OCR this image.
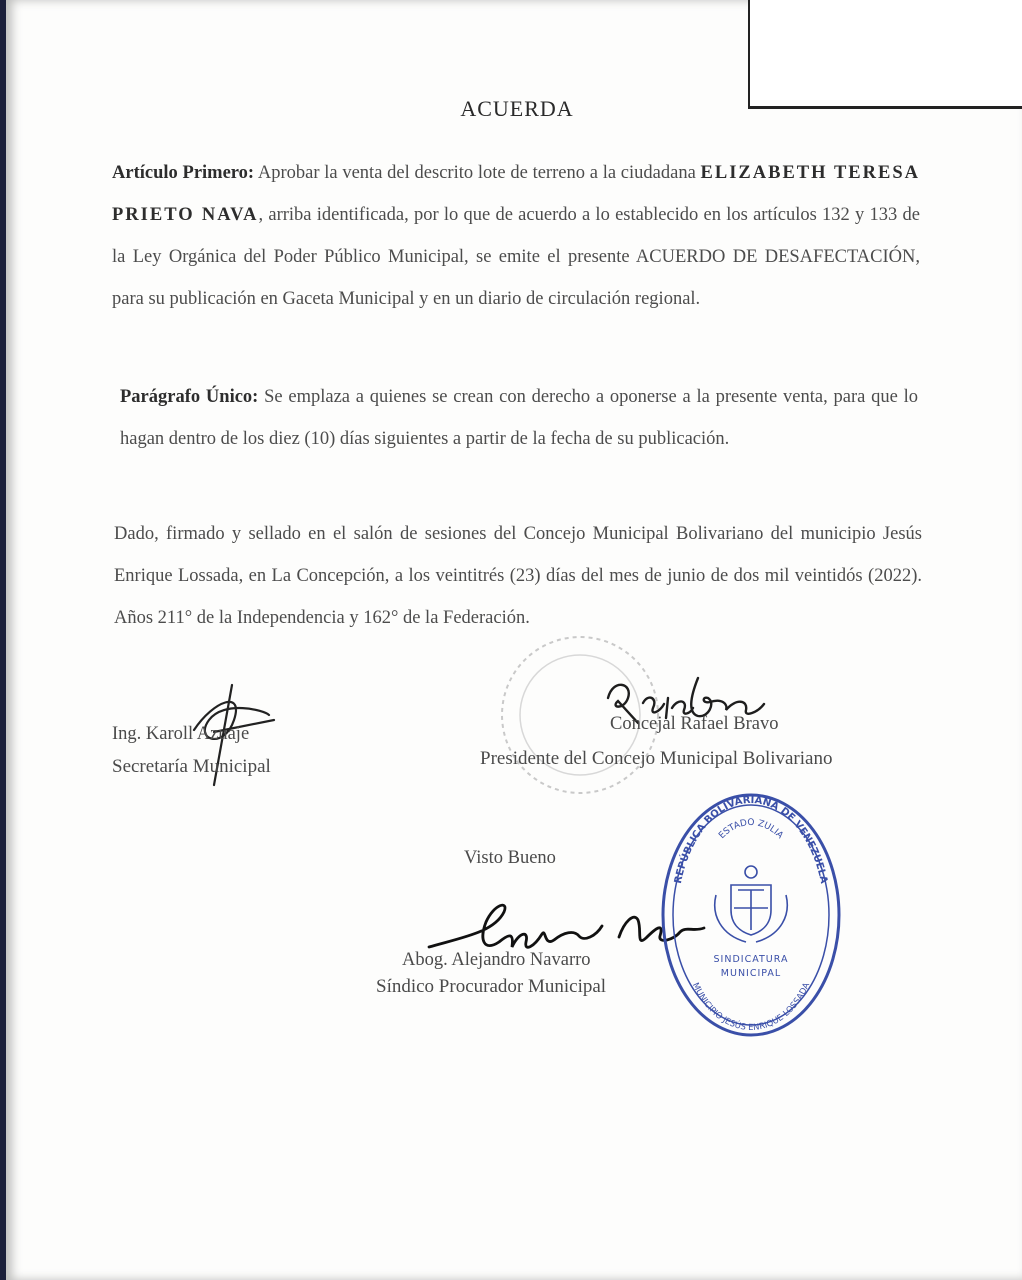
ACUERDA
Artículo Primero: Aprobar la venta del descrito lote de terreno a la ciudadana ELIZABETH TERESA PRIETO NAVA, arriba identificada, por lo que de acuerdo a lo establecido en los artículos 132 y 133 de la Ley Orgánica del Poder Público Municipal, se emite el presente ACUERDO DE DESAFECTACIÓN, para su publicación en Gaceta Municipal y en un diario de circulación regional.
Parágrafo Único: Se emplaza a quienes se crean con derecho a oponerse a la presente venta, para que lo hagan dentro de los diez (10) días siguientes a partir de la fecha de su publicación.
Dado, firmado y sellado en el salón de sesiones del Concejo Municipal Bolivariano del municipio Jesús Enrique Lossada, en La Concepción, a los veintitrés (23) días del mes de junio de dos mil veintidós (2022). Años 211° de la Independencia y 162° de la Federación.
Ing. Karoll Azuaje
Secretaría Municipal
Concejal Rafael Bravo
Presidente del Concejo Municipal Bolivariano
Visto Bueno
Abog. Alejandro Navarro
Síndico Procurador Municipal
REPÚBLICA BOLIVARIANA DE VENEZUELA
ESTADO ZULIA
MUNICIPIO JESÚS ENRIQUE LOSSADA
SINDICATURA
MUNICIPAL
